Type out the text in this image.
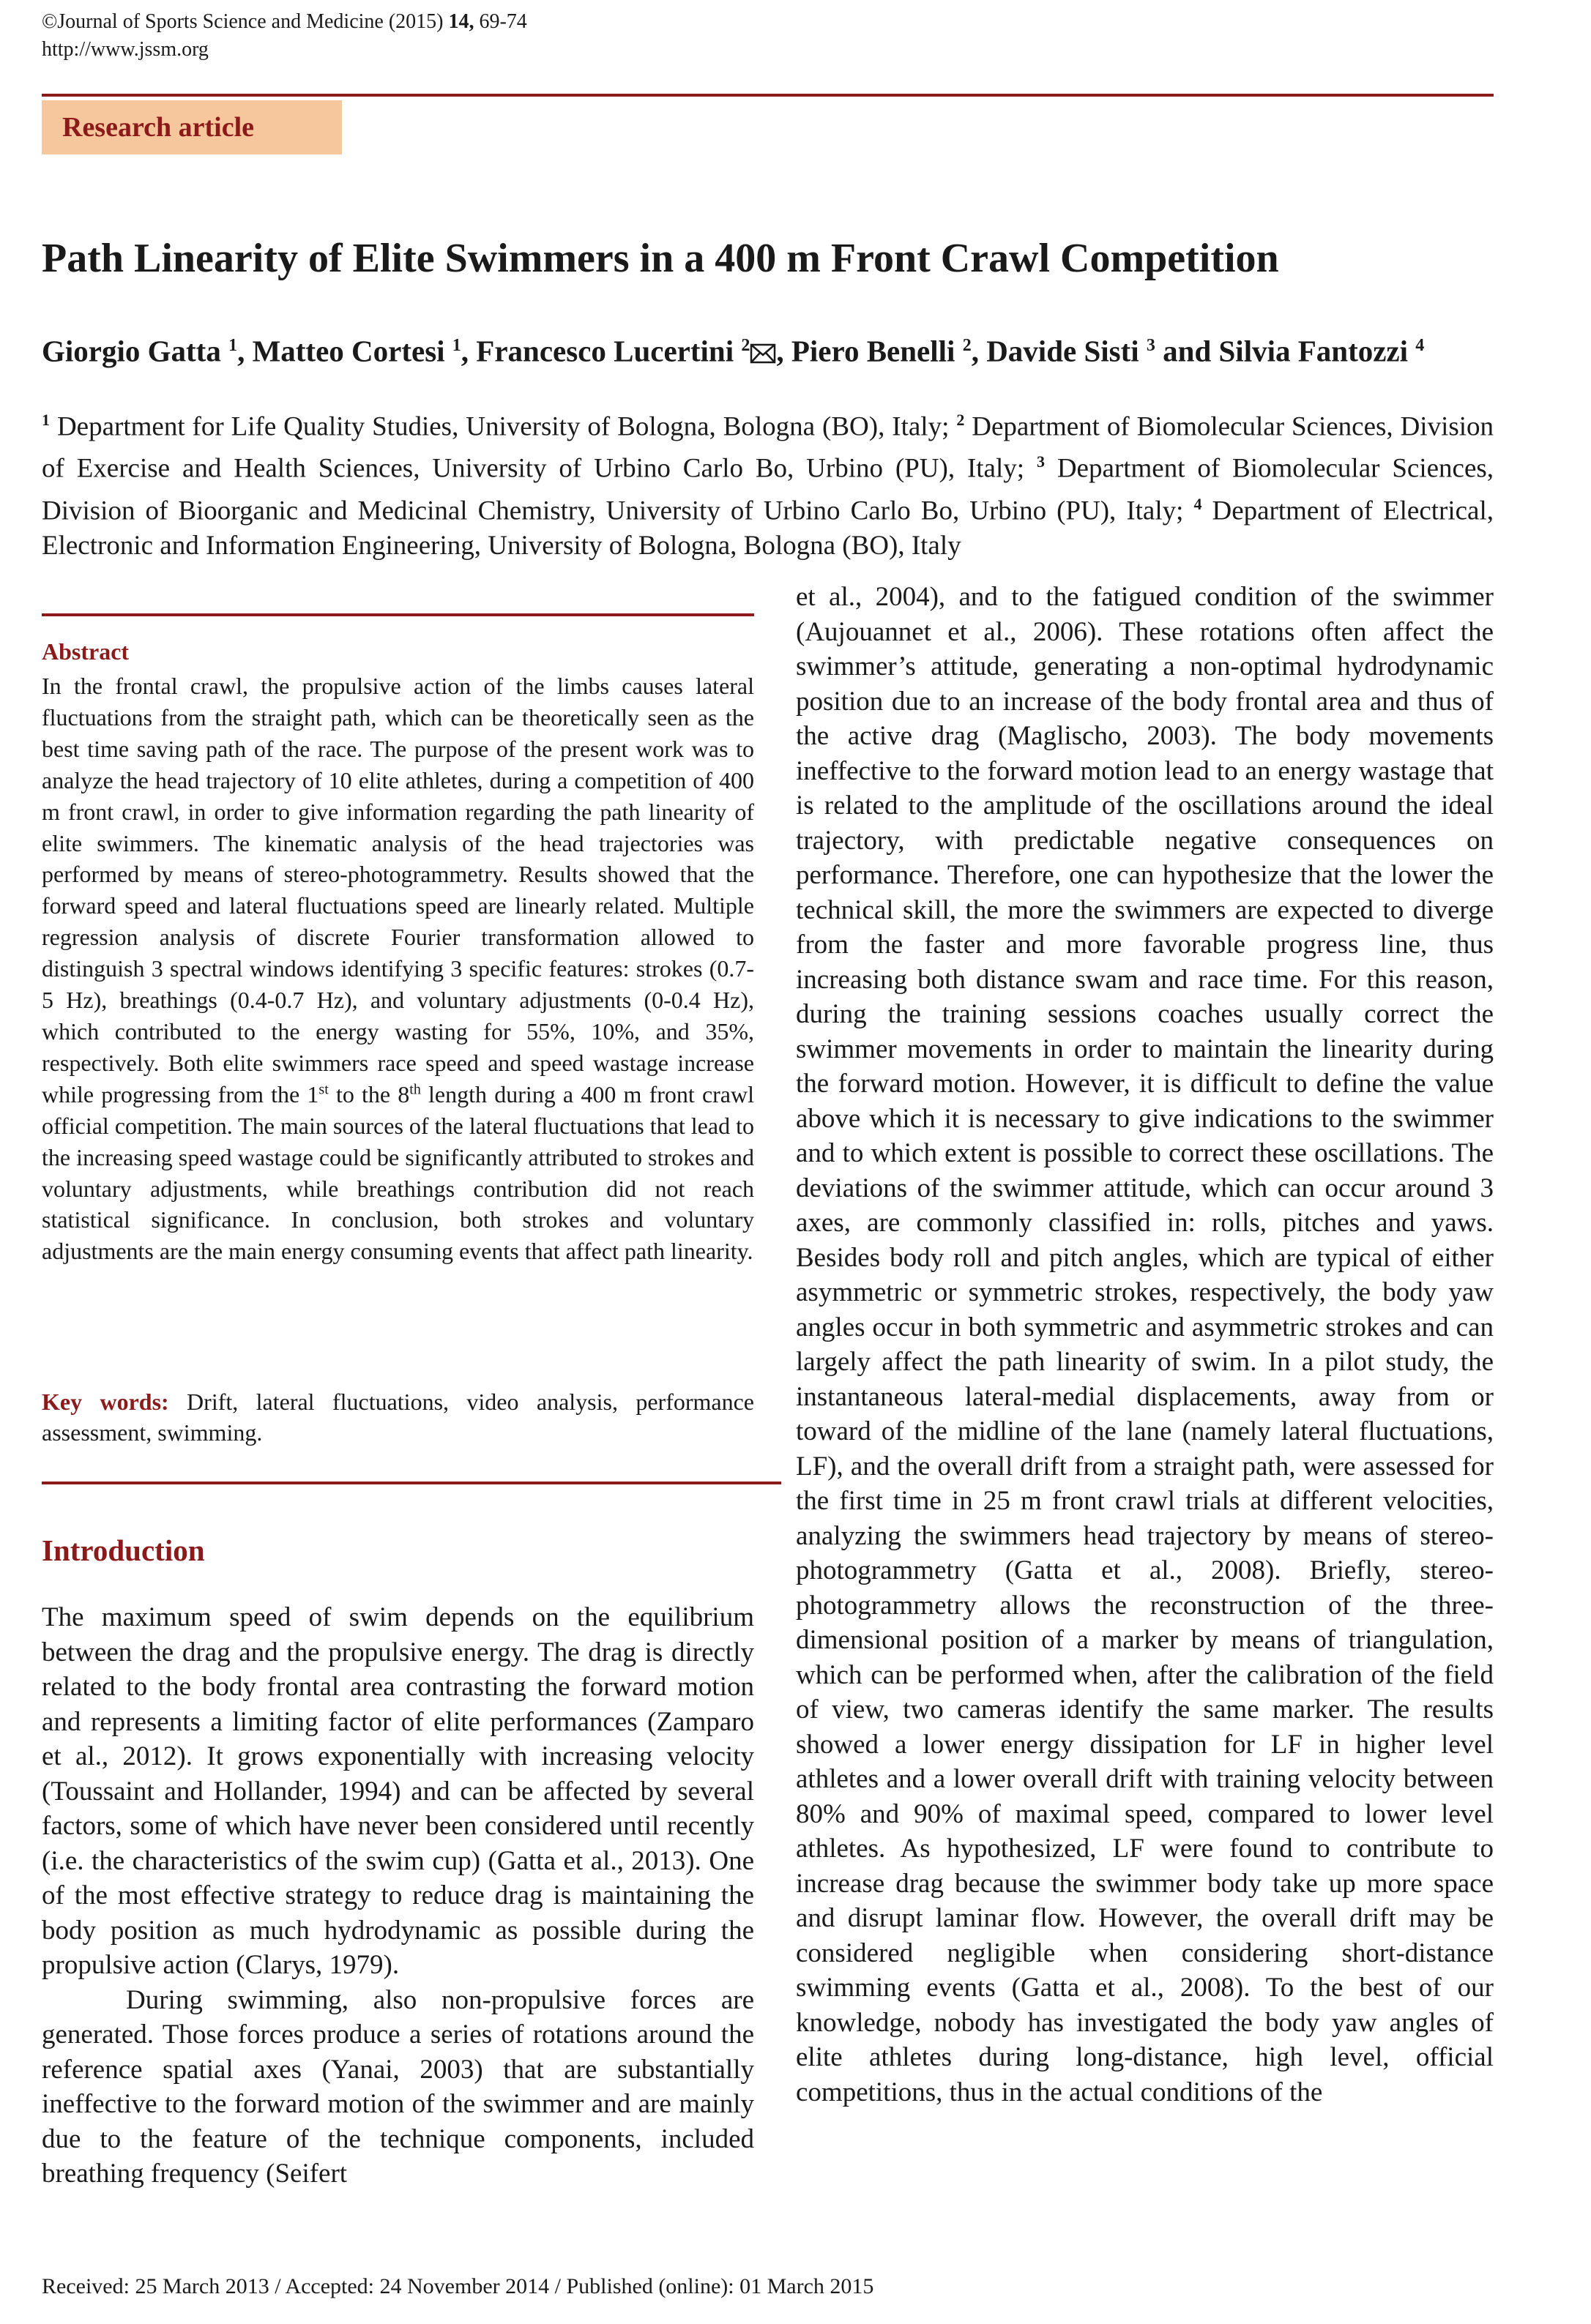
©Journal of Sports Science and Medicine (2015) 14, 69-74
http://www.jssm.org
Research article
Path Linearity of Elite Swimmers in a 400 m Front Crawl Competition
Giorgio Gatta $^1$, Matteo Cortesi $^1$, Francesco Lucertini $^2$ , Piero Benelli $^2$, Davide Sisti $^3$ and Silvia Fantozzi $^4$
$^1$ Department for Life Quality Studies, University of Bologna, Bologna (BO), Italy; $^2$ Department of Biomolecular Sciences, Division of Exercise and Health Sciences, University of Urbino Carlo Bo, Urbino (PU), Italy; $^3$ Department of Biomolecular Sciences, Division of Bioorganic and Medicinal Chemistry, University of Urbino Carlo Bo, Urbino (PU), Italy; $^4$ Department of Electrical, Electronic and Information Engineering, University of Bologna, Bologna (BO), Italy
Abstract
In the frontal crawl, the propulsive action of the limbs causes lateral fluctuations from the straight path, which can be theoretically seen as the best time saving path of the race. The purpose of the present work was to analyze the head trajectory of 10 elite athletes, during a competition of 400 m front crawl, in order to give information regarding the path linearity of elite swimmers. The kinematic analysis of the head trajectories was performed by means of stereo-photogrammetry. Results showed that the forward speed and lateral fluctuations speed are linearly related. Multiple regression analysis of discrete Fourier transformation allowed to distinguish 3 spectral windows identifying 3 specific features: strokes (0.7-5 Hz), breathings (0.4-0.7 Hz), and voluntary adjustments (0-0.4 Hz), which contributed to the energy wasting for 55%, 10%, and 35%, respectively. Both elite swimmers race speed and speed wastage increase while progressing from the 1st to the 8th length during a 400 m front crawl official competition. The main sources of the lateral fluctuations that lead to the increasing speed wastage could be significantly attributed to strokes and voluntary adjustments, while breathings contribution did not reach statistical significance. In conclusion, both strokes and voluntary adjustments are the main energy consuming events that affect path linearity.
Key words: Drift, lateral fluctuations, video analysis, performance assessment, swimming.
Introduction

The maximum speed of swim depends on the equilibrium between the drag and the propulsive energy. The drag is directly related to the body frontal area contrasting the forward motion and represents a limiting factor of elite performances (Zamparo et al., 2012). It grows exponentially with increasing velocity (Toussaint and Hollander, 1994) and can be affected by several factors, some of which have never been considered until recently (i.e. the characteristics of the swim cup) (Gatta et al., 2013). One of the most effective strategy to reduce drag is maintaining the body position as much hydrodynamic as possible during the propulsive action (Clarys, 1979).

During swimming, also non-propulsive forces are generated. Those forces produce a series of rotations around the reference spatial axes (Yanai, 2003) that are substantially ineffective to the forward motion of the swimmer and are mainly due to the feature of the technique components, included breathing frequency (Seifert

et al., 2004), and to the fatigued condition of the swimmer (Aujouannet et al., 2006). These rotations often affect the swimmer’s attitude, generating a non-optimal hydrodynamic position due to an increase of the body frontal area and thus of the active drag (Maglischo, 2003). The body movements ineffective to the forward motion lead to an energy wastage that is related to the amplitude of the oscillations around the ideal trajectory, with predictable negative consequences on performance. Therefore, one can hypothesize that the lower the technical skill, the more the swimmers are expected to diverge from the faster and more favorable progress line, thus increasing both distance swam and race time. For this reason, during the training sessions coaches usually correct the swimmer movements in order to maintain the linearity during the forward motion. However, it is difficult to define the value above which it is necessary to give indications to the swimmer and to which extent is possible to correct these oscillations. The deviations of the swimmer attitude, which can occur around 3 axes, are commonly classified in: rolls, pitches and yaws. Besides body roll and pitch angles, which are typical of either asymmetric or symmetric strokes, respectively, the body yaw angles occur in both symmetric and asymmetric strokes and can largely affect the path linearity of swim. In a pilot study, the instantaneous lateral-medial displacements, away from or toward of the midline of the lane (namely lateral fluctuations, LF), and the overall drift from a straight path, were assessed for the first time in 25 m front crawl trials at different velocities, analyzing the swimmers head trajectory by means of stereo-photogrammetry (Gatta et al., 2008). Briefly, stereo-photogrammetry allows the reconstruction of the three-dimensional position of a marker by means of triangulation, which can be performed when, after the calibration of the field of view, two cameras identify the same marker. The results showed a lower energy dissipation for LF in higher level athletes and a lower overall drift with training velocity between 80% and 90% of maximal speed, compared to lower level athletes. As hypothesized, LF were found to contribute to increase drag because the swimmer body take up more space and disrupt laminar flow. However, the overall drift may be considered negligible when considering short-distance swimming events (Gatta et al., 2008). To the best of our knowledge, nobody has investigated the body yaw angles of elite athletes during long-distance, high level, official competitions, thus in the actual conditions of the
Received: 25 March 2013 / Accepted: 24 November 2014 / Published (online): 01 March 2015
